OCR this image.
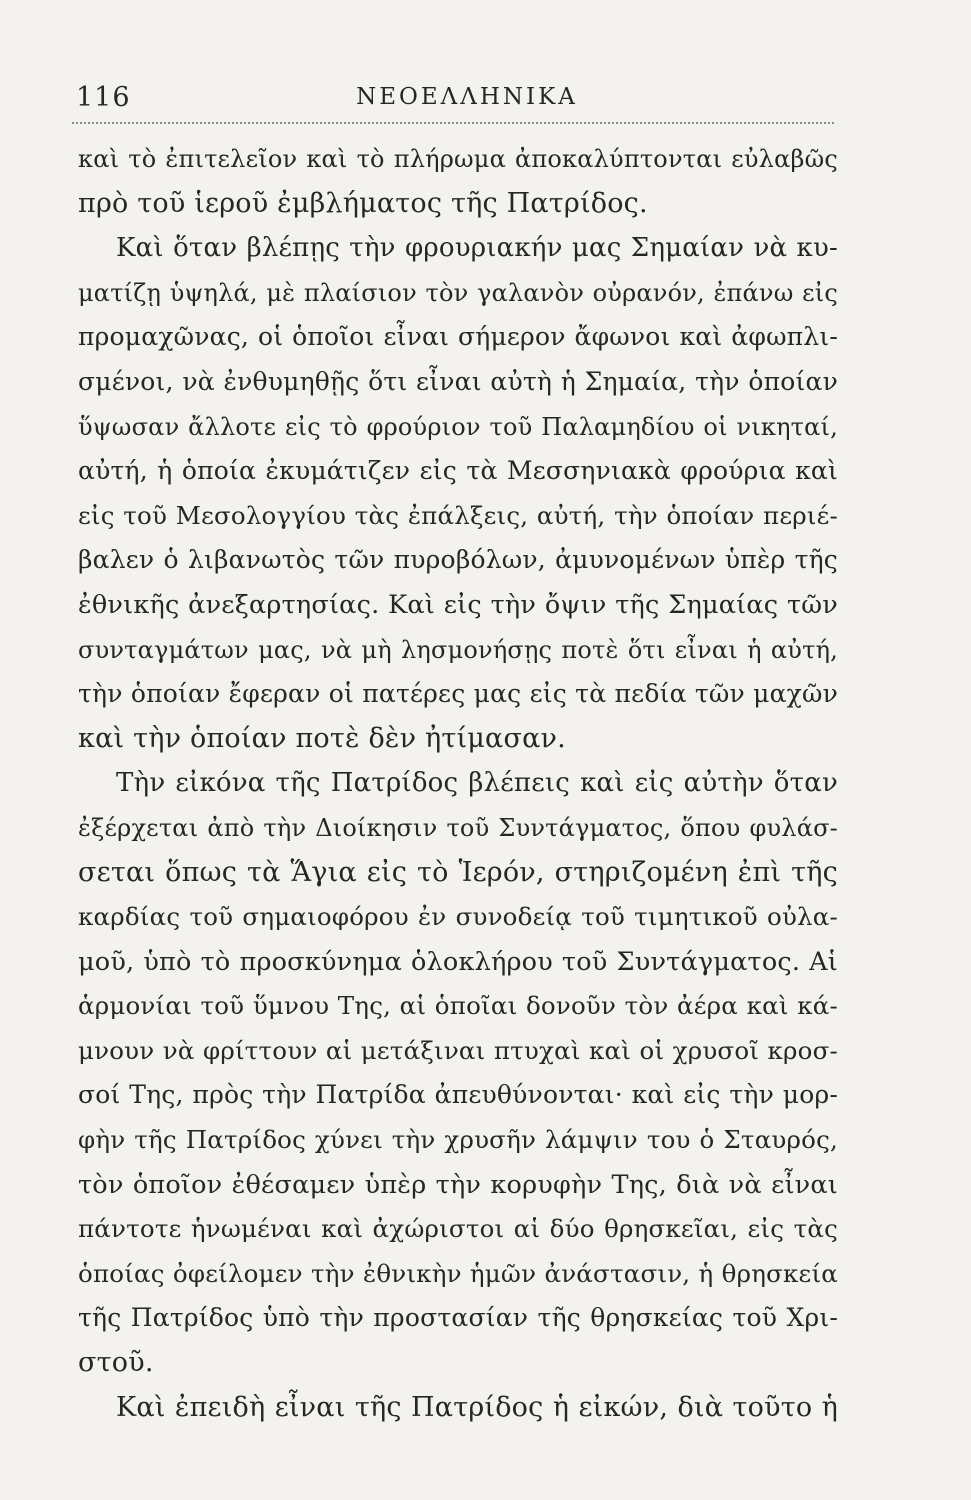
116	ΝΕΟΕΛΛΗΝΙΚΑ
καὶ τὸ ἐπιτελεῖον καὶ τὸ πλήρωμα ἀποκαλύπτονται εὐλαβῶς
πρὸ τοῦ ἱεροῦ ἐμβλήματος τῆς Πατρίδος.
Καὶ ὅταν βλέπῃς τὴν φρουριακήν μας Σημαίαν νὰ κυ-
ματίζῃ ὑψηλά, μὲ πλαίσιον τὸν γαλανὸν οὐρανόν, ἐπάνω εἰς
προμαχῶνας, οἱ ὁποῖοι εἶναι σήμερον ἄφωνοι καὶ ἀφωπλι-
σμένοι, νὰ ἐνθυμηθῇς ὅτι εἶναι αὐτὴ ἡ Σημαία, τὴν ὁποίαν
ὕψωσαν ἄλλοτε εἰς τὸ φρούριον τοῦ Παλαμηδίου οἱ νικηταί,
αὐτή, ἡ ὁποία ἐκυμάτιζεν εἰς τὰ Μεσσηνιακὰ φρούρια καὶ
εἰς τοῦ Μεσολογγίου τὰς ἐπάλξεις, αὐτή, τὴν ὁποίαν περιέ-
βαλεν ὁ λιβανωτὸς τῶν πυροβόλων, ἀμυνομένων ὑπὲρ τῆς
ἐθνικῆς ἀνεξαρτησίας. Καὶ εἰς τὴν ὄψιν τῆς Σημαίας τῶν
συνταγμάτων μας, νὰ μὴ λησμονήσῃς ποτὲ ὅτι εἶναι ἡ αὐτή,
τὴν ὁποίαν ἔφεραν οἱ πατέρες μας εἰς τὰ πεδία τῶν μαχῶν
καὶ τὴν ὁποίαν ποτὲ δὲν ἠτίμασαν.
Τὴν εἰκόνα τῆς Πατρίδος βλέπεις καὶ εἰς αὐτὴν ὅταν
ἐξέρχεται ἀπὸ τὴν Διοίκησιν τοῦ Συντάγματος, ὅπου φυλάσ-
σεται ὅπως τὰ Ἅγια εἰς τὸ Ἱερόν, στηριζομένη ἐπὶ τῆς
καρδίας τοῦ σημαιοφόρου ἐν συνοδείᾳ τοῦ τιμητικοῦ οὐλα-
μοῦ, ὑπὸ τὸ προσκύνημα ὁλοκλήρου τοῦ Συντάγματος. Αἱ
ἁρμονίαι τοῦ ὕμνου Της, αἱ ὁποῖαι δονοῦν τὸν ἀέρα καὶ κά-
μνουν νὰ φρίττουν αἱ μετάξιναι πτυχαὶ καὶ οἱ χρυσοῖ κροσ-
σοί Της, πρὸς τὴν Πατρίδα ἀπευθύνονται· καὶ εἰς τὴν μορ-
φὴν τῆς Πατρίδος χύνει τὴν χρυσῆν λάμψιν του ὁ Σταυρός,
τὸν ὁποῖον ἐθέσαμεν ὑπὲρ τὴν κορυφὴν Της, διὰ νὰ εἶναι
πάντοτε ἡνωμέναι καὶ ἀχώριστοι αἱ δύο θρησκεῖαι, εἰς τὰς
ὁποίας ὀφείλομεν τὴν ἐθνικὴν ἡμῶν ἀνάστασιν, ἡ θρησκεία
τῆς Πατρίδος ὑπὸ τὴν προστασίαν τῆς θρησκείας τοῦ Χρι-
στοῦ.
Καὶ ἐπειδὴ εἶναι τῆς Πατρίδος ἡ εἰκών, διὰ τοῦτο ἡ
